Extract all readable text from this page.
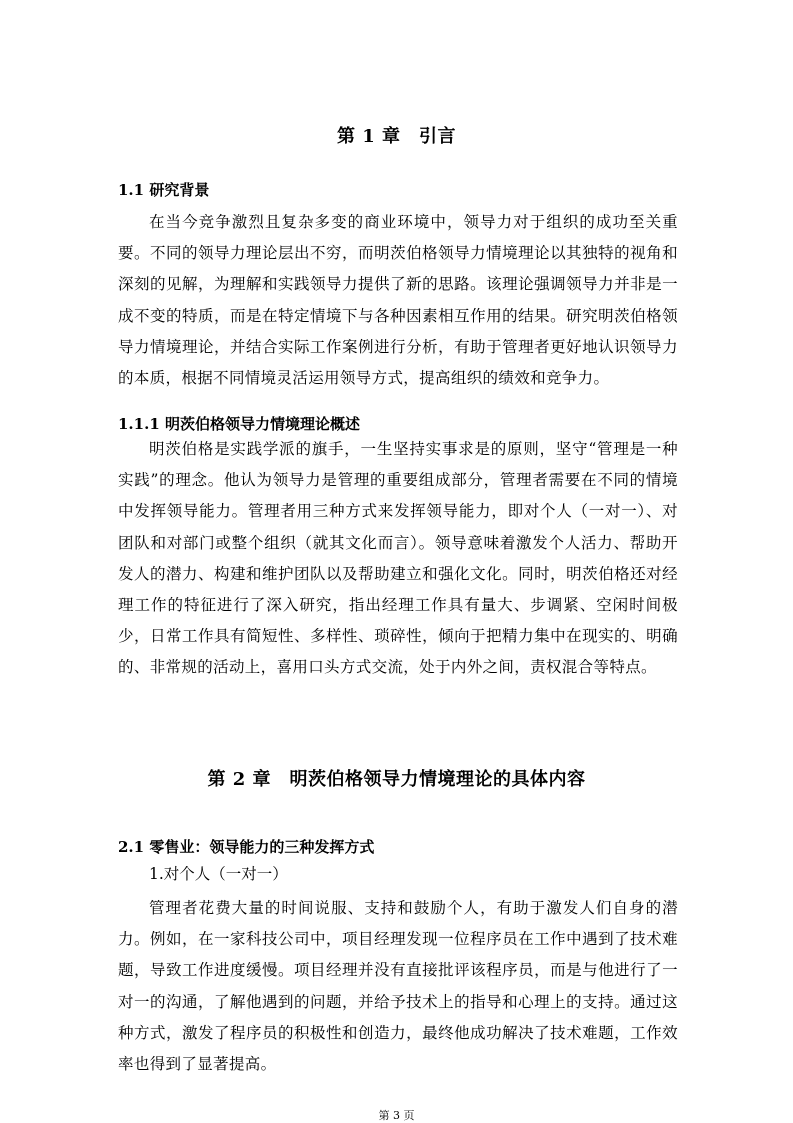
第 1 章　引言
1.1 研究背景
在当今竞争激烈且复杂多变的商业环境中，领导力对于组织的成功至关重要。不同的领导力理论层出不穷，而明茨伯格领导力情境理论以其独特的视角和深刻的见解，为理解和实践领导力提供了新的思路。该理论强调领导力并非是一成不变的特质，而是在特定情境下与各种因素相互作用的结果。研究明茨伯格领导力情境理论，并结合实际工作案例进行分析，有助于管理者更好地认识领导力的本质，根据不同情境灵活运用领导方式，提高组织的绩效和竞争力。
1.1.1 明茨伯格领导力情境理论概述
明茨伯格是实践学派的旗手，一生坚持实事求是的原则，坚守“管理是一种实践”的理念。他认为领导力是管理的重要组成部分，管理者需要在不同的情境中发挥领导能力。管理者用三种方式来发挥领导能力，即对个人（一对一）、对团队和对部门或整个组织（就其文化而言）。领导意味着激发个人活力、帮助开发人的潜力、构建和维护团队以及帮助建立和强化文化。同时，明茨伯格还对经理工作的特征进行了深入研究，指出经理工作具有量大、步调紧、空闲时间极少，日常工作具有简短性、多样性、琐碎性，倾向于把精力集中在现实的、明确的、非常规的活动上，喜用口头方式交流，处于内外之间，责权混合等特点。
第 2 章　明茨伯格领导力情境理论的具体内容
2.1 零售业：领导能力的三种发挥方式
1.对个人（一对一）
管理者花费大量的时间说服、支持和鼓励个人，有助于激发人们自身的潜力。例如，在一家科技公司中，项目经理发现一位程序员在工作中遇到了技术难题，导致工作进度缓慢。项目经理并没有直接批评该程序员，而是与他进行了一对一的沟通，了解他遇到的问题，并给予技术上的指导和心理上的支持。通过这种方式，激发了程序员的积极性和创造力，最终他成功解决了技术难题，工作效率也得到了显著提高。
第 3 页
